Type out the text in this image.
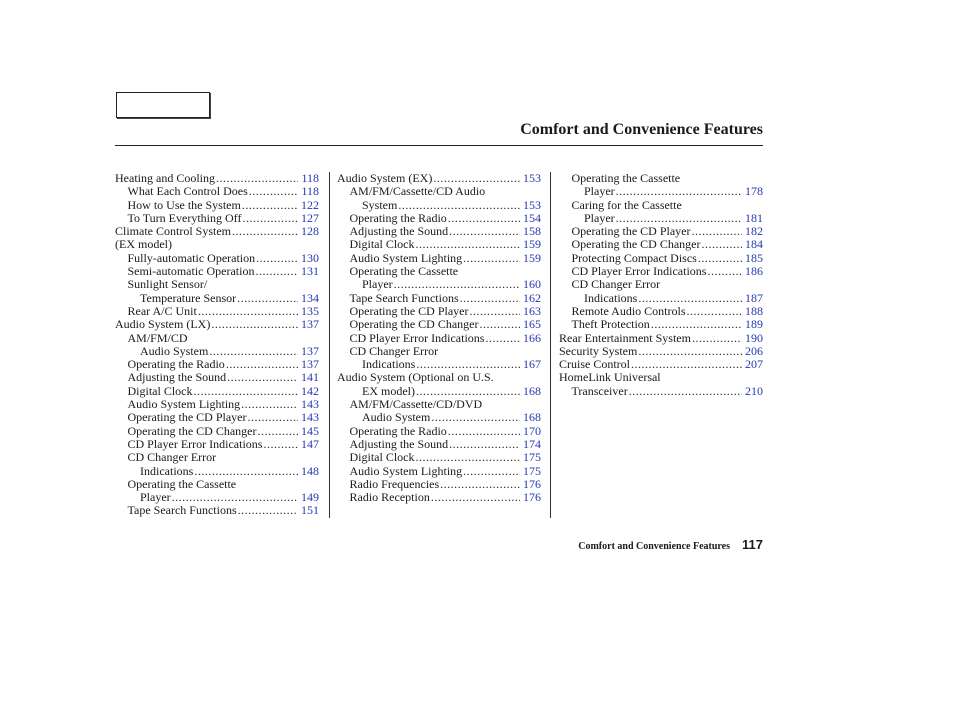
Comfort and Convenience Features
Heating and Cooling .....	118
What Each Control Does .....	118
How to Use the System .....	122
To Turn Everything Off .....	127
Climate Control System .....	128
(EX model)
Fully-automatic Operation .....	130
Semi-automatic Operation .....	131
Sunlight Sensor/
Temperature Sensor .....	134
Rear A/C Unit .....	135
Audio System (LX) .....	137
AM/FM/CD
Audio System .....	137
Operating the Radio .....	137
Adjusting the Sound .....	141
Digital Clock .....	142
Audio System Lighting .....	143
Operating the CD Player .....	143
Operating the CD Changer .....	145
CD Player Error Indications .....	147
CD Changer Error
Indications .....	148
Operating the Cassette
Player .....	149
Tape Search Functions .....	151
Audio System (EX) .....	153
AM/FM/Cassette/CD Audio
System .....	153
Operating the Radio .....	154
Adjusting the Sound .....	158
Digital Clock .....	159
Audio System Lighting .....	159
Operating the Cassette
Player .....	160
Tape Search Functions .....	162
Operating the CD Player .....	163
Operating the CD Changer .....	165
CD Player Error Indications .....	166
CD Changer Error
Indications .....	167
Audio System (Optional on U.S.
EX model) .....	168
AM/FM/Cassette/CD/DVD
Audio System .....	168
Operating the Radio .....	170
Adjusting the Sound .....	174
Digital Clock .....	175
Audio System Lighting .....	175
Radio Frequencies .....	176
Radio Reception .....	176
Operating the Cassette
Player .....	178
Caring for the Cassette
Player .....	181
Operating the CD Player .....	182
Operating the CD Changer .....	184
Protecting Compact Discs .....	185
CD Player Error Indications .....	186
CD Changer Error
Indications .....	187
Remote Audio Controls .....	188
Theft Protection .....	189
Rear Entertainment System .....	190
Security System .....	206
Cruise Control .....	207
HomeLink Universal
Transceiver .....	210
Comfort and Convenience Features 117
